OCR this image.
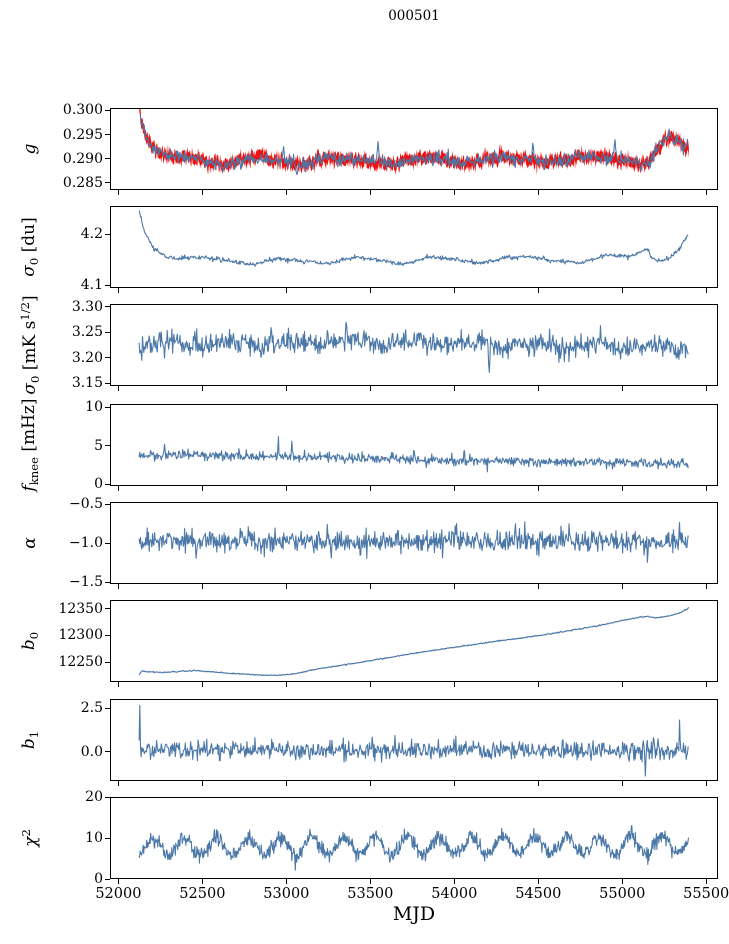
000501
0.285
0.290
0.295
0.300
g
4.1
4.2
$\sigma_0$ [du]
3.15
3.20
3.25
3.30
$\sigma_0$ [mK $s^{1/2}$]
0
5
10
$f_{knee}$ [mHz]
−0.5
−1.0
−1.5
α
12250
12300
12350
$b_0$
0.0
2.5
$b_1$
0
10
20
$\chi^2$
52000	52500	53000	53500	54000	54500	55000	55500
MJD
